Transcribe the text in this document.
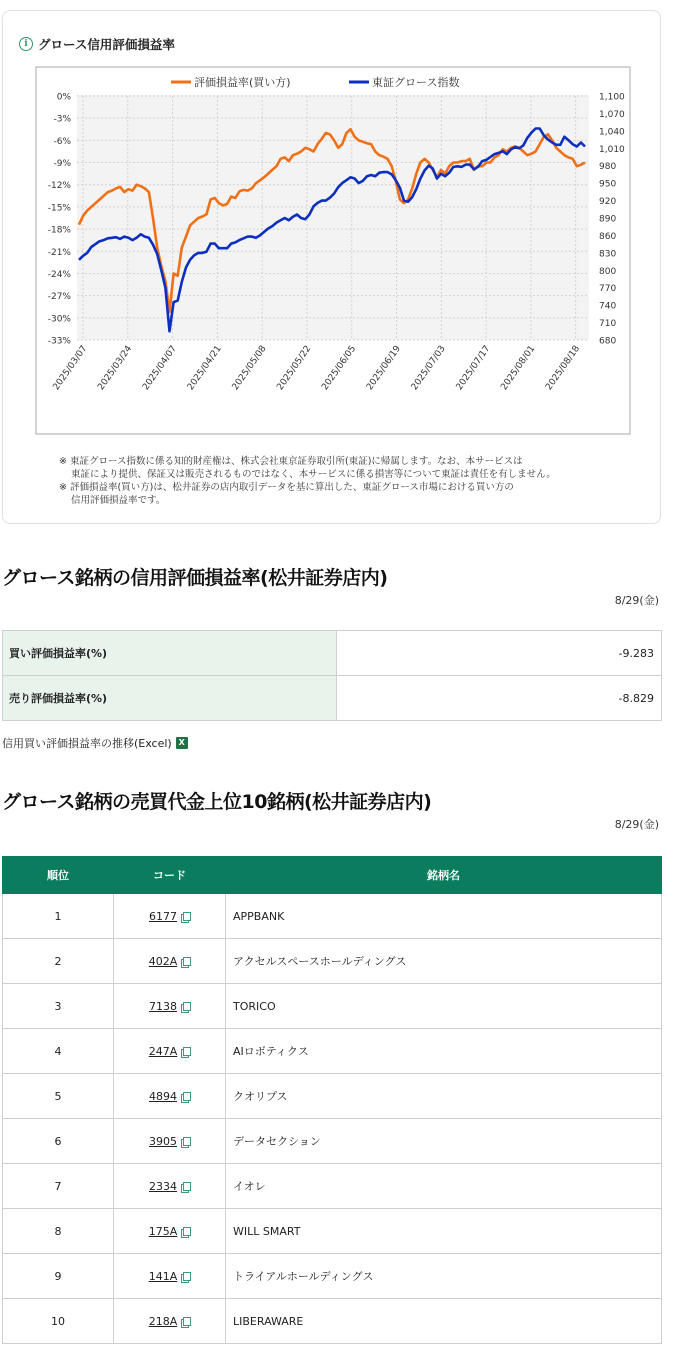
i グロース信用評価損益率
0%
-3%
-6%
-9%
-12%
-15%
-18%
-21%
-24%
-27%
-30%
-33%
1,100
1,070
1,040
1,010
980
950
920
890
860
830
800
770
740
710
680
2025/03/07 2025/03/24 2025/04/07 2025/04/21 2025/05/08 2025/05/22 2025/06/05 2025/06/19 2025/07/03 2025/07/17 2025/08/01 2025/08/18
評価損益率(買い方)	東証グロース指数

※ 東証グロース指数に係る知的財産権は、株式会社東京証券取引所(東証)に帰属します。なお、本サービスは

東証により提供、保証又は販売されるものではなく、本サービスに係る損害等について東証は責任を有しません。

※ 評価損益率(買い方)は、松井証券の店内取引データを基に算出した、東証グロース市場における買い方の

信用評価損益率です。

グロース銘柄の信用評価損益率(松井証券店内)
8/29(金)
買い評価損益率(%)	-9.283
売り評価損益率(%)	-8.829
信用買い評価損益率の推移(Excel) X
グロース銘柄の売買代金上位10銘柄(松井証券店内)
8/29(金)
順位	コード	銘柄名
1	6177	APPBANK
2	402A	アクセルスペースホールディングス
3	7138	TORICO
4	247A	AIロボティクス
5	4894	クオリプス
6	3905	データセクション
7	2334	イオレ
8	175A	WILL SMART
9	141A	トライアルホールディングス
10	218A	LIBERAWARE
